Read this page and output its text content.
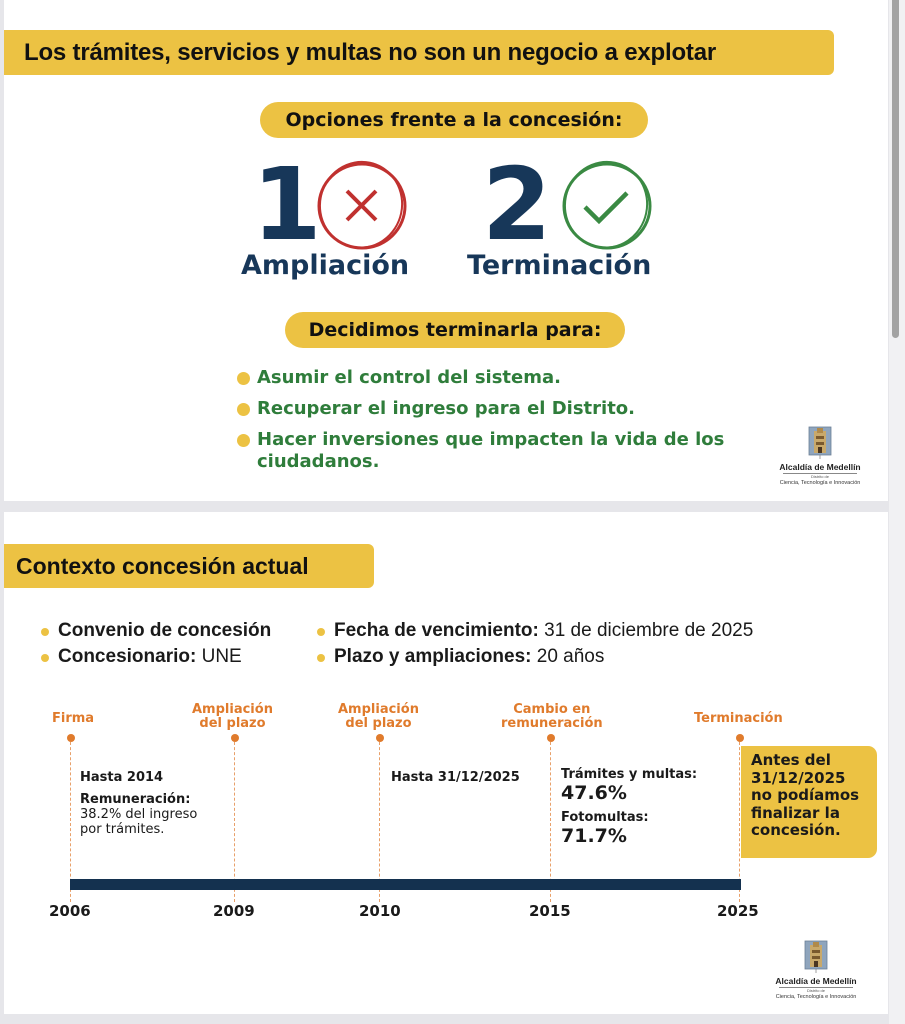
Los trámites, servicios y multas no son un negocio a explotar
Opciones frente a la concesión:
1
Ampliación
2
Terminación
Decidimos terminarla para:
Asumir el control del sistema.
Recuperar el ingreso para el Distrito.
Hacer inversiones que impacten la vida de los ciudadanos.	Alcaldía de Medellín
Distrito de
Ciencia, Tecnología e Innovación
Contexto concesión actual
Convenio de concesión
Concesionario: UNE
Fecha de vencimiento: 31 de diciembre de 2025
Plazo y ampliaciones: 20 años
Firma
2006
Ampliación
del plazo
2009
Ampliación
del plazo
2010
Cambio en
remuneración
2015
Terminación
2025
Hasta 2014
Remuneración:
38.2% del ingreso
por trámites.
Hasta 31/12/2025	Trámites y multas:
47.6%
Fotomultas:
71.7%
Antes del
31/12/2025
no podíamos
finalizar la
concesión.
Alcaldía de Medellín
Distrito de
Ciencia, Tecnología e Innovación
